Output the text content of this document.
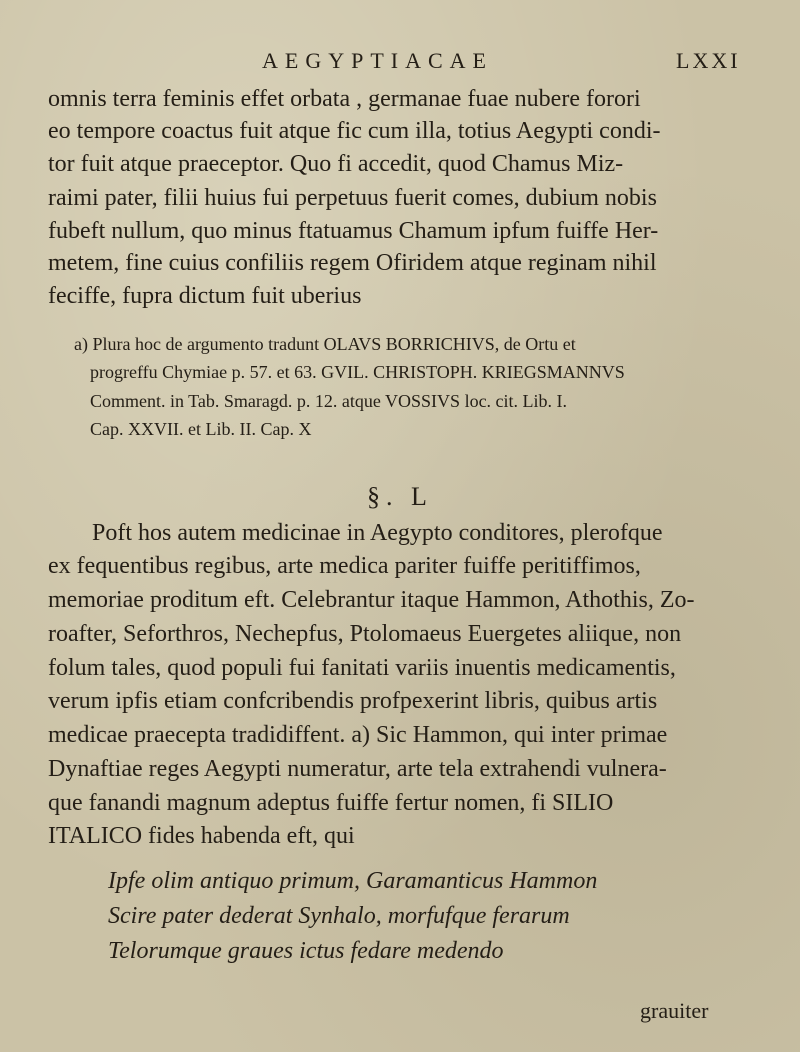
AEGYPTIACAE	LXXI
omnis terra feminis effet orbata , germanae fuae nubere forori
eo tempore coactus fuit atque fic cum illa, totius Aegypti condi-
tor fuit atque praeceptor. Quo fi accedit, quod Chamus Miz-
raimi pater, filii huius fui perpetuus fuerit comes, dubium nobis
fubeft nullum, quo minus ftatuamus Chamum ipfum fuiffe Her-
metem, fine cuius confiliis regem Ofiridem atque reginam nihil
feciffe, fupra dictum fuit uberius
a) Plura hoc de argumento tradunt OLAVS BORRICHIVS, de Ortu et
progreffu Chymiae p. 57. et 63. GVIL. CHRISTOPH. KRIEGSMANNVS
Comment. in Tab. Smaragd. p. 12. atque VOSSIVS loc. cit. Lib. I.
Cap. XXVII. et Lib. II. Cap. X
§. L
Poft hos autem medicinae in Aegypto conditores, plerofque
ex fequentibus regibus, arte medica pariter fuiffe peritiffimos,
memoriae proditum eft. Celebrantur itaque Hammon, Athothis, Zo-
roafter, Seforthros, Nechepfus, Ptolomaeus Euergetes aliique, non
folum tales, quod populi fui fanitati variis inuentis medicamentis,
verum ipfis etiam confcribendis profpexerint libris, quibus artis
medicae praecepta tradidiffent. a) Sic Hammon, qui inter primae
Dynaftiae reges Aegypti numeratur, arte tela extrahendi vulnera-
que fanandi magnum adeptus fuiffe fertur nomen, fi SILIO
ITALICO fides habenda eft, qui
Ipfe olim antiquo primum, Garamanticus Hammon
Scire pater dederat Synhalo, morfufque ferarum
Telorumque graues ictus fedare medendo
grauiter
